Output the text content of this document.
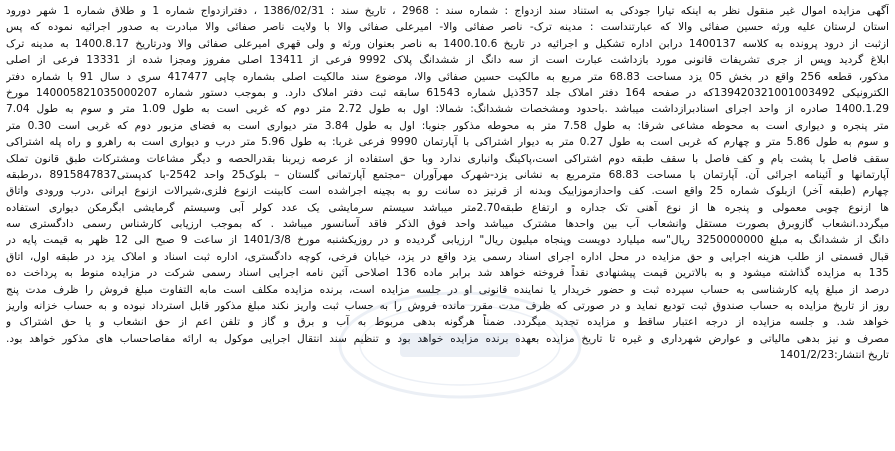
آگهی مزایده اموال غیر منقول نظر به اینکه تیارا جودکی به استناد سند ازدواج : شماره سند : 2968 ، تاریخ سند : 1386/02/31 ، دفترازدواج شماره 1 و طلاق شماره 1 شهر دورود
استان لرستان علیه ورثه حسین صفائی والا که عبارتنداست : مدینه ترک- ناصر صفائی والا- امیرعلی صفائی والا با ولایت ناصر صفائی والا مبادرت به صدور اجرائیه نموده که پس
ازثبت از درود پرونده به کلاسه 1400137 درابن اداره تشکیل و اجرائیه در تاریخ 1400.10.6 به ناصر بعنوان ورثه و ولی قهری امیرعلی صفائی والا ودرتاریخ 1400.8.17 به مدینه ترک
ابلاغ گردید وپس از جری تشریفات قانونی مورد بازداشت عبارت است از سه دانگ از ششدانگ پلاک 9992 فرعی از 13411 اصلی مفروز ومجزا شده از 13331 فرعی از اصلی
مذکور، قطعه 256 واقع در بخش 05 یزد مساحت 68.83 متر مربع به مالکیت حسین صفائی والا، موضوع سند مالکیت اصلی بشماره چاپی 417477 سری د سال 91 با شماره دفتر
الکترونیکی 139420321001003492که در صفحه 164 دفتر املاک جلد 357ذیل شماره 61543 سابقه ثبت دفتر املاک دارد. و بموجب دستور شماره 140005821035000207 مورخ
1400.1.29 صادره از واحد اجرای اسنادبرازداشت میباشد .باحدود ومشخصات ششدانگ: شمالا: اول به طول 2.72 متر دوم که غربی است به طول 1.09 متر و سوم به طول 7.04
متر پنجره و دیواری است به محوطه مشاعی شرقا: به طول 7.58 متر به محوطه مذکور جنوبا: اول به طول 3.84 متر دیواری است به فضای مزبور دوم که غربی است 0.30 متر
و سوم به طول 5.86 متر و چهارم که غربی است به طول 0.27 متر به دیوار اشتراکی با آپارتمان 9990 فرعی غربا: به طول 5.96 متر درب و دیواری است به راهرو و راه پله اشتراکی
سقف فاصل با پشت بام و کف فاصل با سقف طبقه دوم اشتراکی است،پاکینگ وانباری ندارد وبا حق استفاده از عرصه زیربنا بقدرالحصه و دیگر مشاعات ومشترکات طبق قانون تملک
آپارتمانها و آئینامه اجرائی آن. آپارتمان با مساحت 68.83 مترمربع به نشانی یزد-شهرک مهرآوران –مجتمع آپارتمانی گلستان – بلوک25 واحد 2542-با کدپستی8915847837 ،درطبقه
چهارم (طبقه آخر) ازبلوک شماره 25 واقع است. کف واحدازموزاییک وبدنه از قرنیز ده سانت رو به بچینه اجراشده است کابینت ازنوع فلزی،شیرالات ازنوع ایرانی ،درب ورودی واتاق
ها ازنوع چوبی معمولی و پنجره ها از نوع آهنی تک جداره و ارتفاع طبقه2.70متر میباشد سیستم سرمایشی یک عدد کولر آبی وسیستم گرمایشی ابگرمکن دیواری استفاده
میگردد.انشعاب گازوبرق بصورت مستقل وانشعاب آب بین واحدها مشترک میباشد واحد فوق الذکر فاقد آسانسور میباشد . که بموجب ارزیابی کارشناس رسمی دادگستری سه
دانگ از ششدانگ به مبلغ 3250000000 ریال"سه میلیارد دویست وپنجاه میلیون ریال" ارزیابی گردیده و در روزیکشنبه مورخ 1401/3/8 از ساعت 9 صبح الی 12 ظهر به قیمت پایه در
قبال قسمتی از طلب هزینه اجرایی و حق مزایده در محل اداره اجرای اسناد رسمی یزد واقع در یزد، خیابان فرخی، کوچه دادگستری، اداره ثبت اسناد و املاک یزد در طبقه اول، اتاق
135 به مزایده گذاشته میشود و به بالاترین قیمت پیشنهادی نقداً فروخته خواهد شد برابر ماده 136 اصلاحی آئین نامه اجرایی اسناد رسمی شرکت در مزایده منوط به پرداخت ده
درصد از مبلغ پایه کارشناسی به حساب سپرده ثبت و حضور خریدار یا نماینده قانونی او در جلسه مزایده است، برنده مزایده مکلف است مابه التفاوت مبلغ فروش را ظرف مدت پنج
روز از تاریخ مزایده به حساب صندوق ثبت تودیع نماید و در صورتی که ظرف مدت مقرر مانده فروش را به حساب ثبت واریز نکند مبلغ مذکور قابل استرداد نبوده و به حساب خزانه واریز
خواهد شد. و جلسه مزایده از درجه اعتبار ساقط و مزایده تجدید میگردد. ضمناً هرگونه بدهی مربوط به آب و برق و گاز و تلفن اعم از حق انشعاب و یا حق اشتراک و
مصرف و نیز بدهی مالیاتی و عوارض شهرداری و غیره تا تاریخ مزایده بعهده برنده مزایده خواهد بود و تنظیم سند انتقال اجرایی موکول به ارائه مفاصاحساب های مذکور خواهد بود.
تاریخ انتشار:1401/2/23
